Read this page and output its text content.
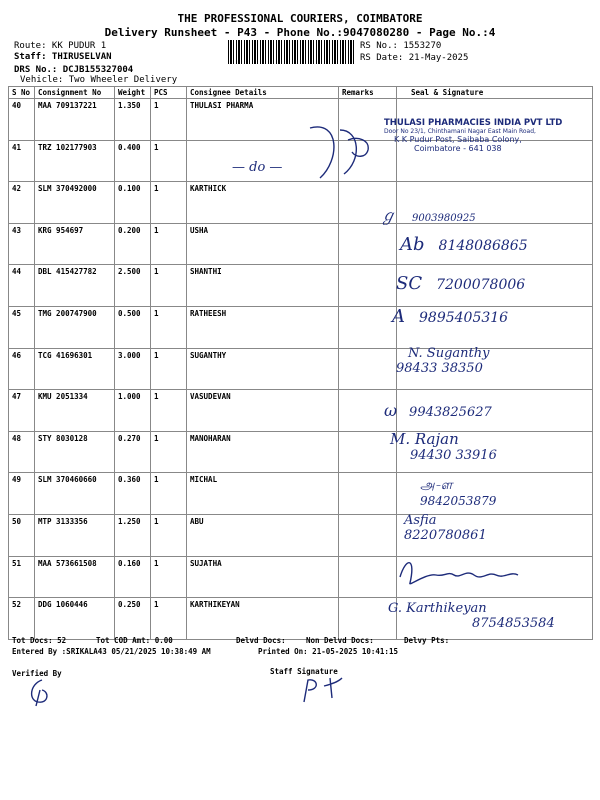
THE PROFESSIONAL COURIERS, COIMBATORE
Delivery Runsheet - P43 - Phone No.:9047080280 - Page No.:4
Route: KK PUDUR 1
Staff: THIRUSELVAN
DRS No.: DCJB155327004
Vehicle: Two Wheeler Delivery
RS No.: 1553270
RS Date: 21-May-2025
S No	Consignment No	Weight	PCS	Consignee Details	Remarks	Seal & Signature
40	MAA 709137221	1.350	1	THULASI PHARMA		
41	TRZ 102177903	0.400	1			
42	SLM 370492000	0.100	1	KARTHICK		
43	KRG 954697	0.200	1	USHA		
44	DBL 415427782	2.500	1	SHANTHI		
45	TMG 200747900	0.500	1	RATHEESH		
46	TCG 41696301	3.000	1	SUGANTHY		
47	KMU 2051334	1.000	1	VASUDEVAN		
48	STY 8030128	0.270	1	MANOHARAN		
49	SLM 370460660	0.360	1	MICHAL		
50	MTP 3133356	1.250	1	ABU		
51	MAA 573661508	0.160	1	SUJATHA		
52	DDG 1060446	0.250	1	KARTHIKEYAN		
THULASI PHARMACIES INDIA PVT LTD
Door No 23/1, Chinthamani Nagar East Main Road,
K K Pudur Post, Saibaba Colony,
Coimbatore - 641 038
— do —
ℊ 9003980925
Ab 8148086865
SC 7200078006
A 9895405316
N. Suganthy
98433 38350
ω 9943825627
M. Rajan
94430 33916
அ-ௗ
9842053879
Asfia
8220780861
G. Karthikeyan
8754853584
Tot Docs: 52	Tot COD Amt: 0.00	Delvd Docs:	Non Delvd Docs:	Delvy Pts:
Entered By :SRIKALA43 05/21/2025 10:38:49 AM	Printed On: 21-05-2025 10:41:15
Verified By	Staff Signature
